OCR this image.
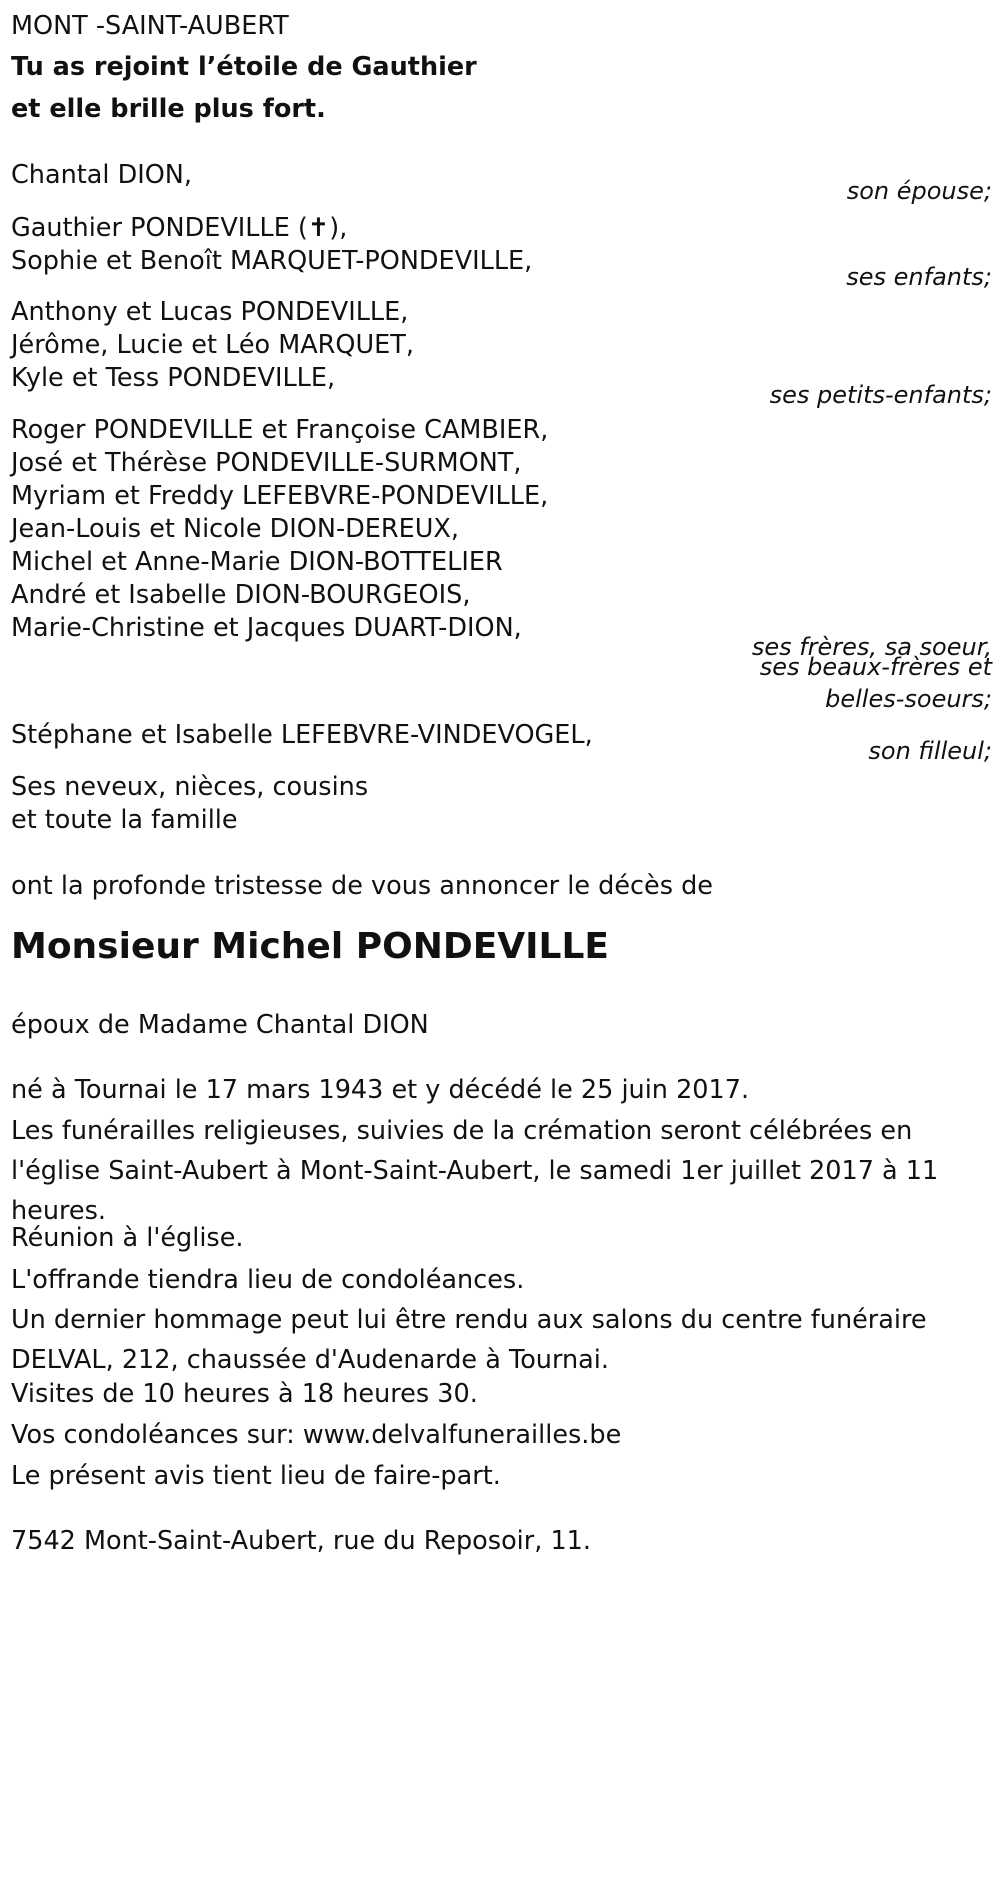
MONT -SAINT-AUBERT
Tu as rejoint l’étoile de Gauthier
et elle brille plus fort.
Chantal DION,
son épouse;
Gauthier PONDEVILLE (✝),
Sophie et Benoît MARQUET-PONDEVILLE,
ses enfants;
Anthony et Lucas PONDEVILLE,
Jérôme, Lucie et Léo MARQUET,
Kyle et Tess PONDEVILLE,
ses petits-enfants;
Roger PONDEVILLE et Françoise CAMBIER,
José et Thérèse PONDEVILLE-SURMONT,
Myriam et Freddy LEFEBVRE-PONDEVILLE,
Jean-Louis et Nicole DION-DEREUX,
Michel et Anne-Marie DION-BOTTELIER
André et Isabelle DION-BOURGEOIS,
Marie-Christine et Jacques DUART-DION,
ses frères, sa soeur,
ses beaux-frères et
belles-soeurs;
Stéphane et Isabelle LEFEBVRE-VINDEVOGEL,
son filleul;
Ses neveux, nièces, cousins
et toute la famille
ont la profonde tristesse de vous annoncer le décès de
Monsieur Michel PONDEVILLE
époux de Madame Chantal DION
né à Tournai le 17 mars 1943 et y décédé le 25 juin 2017.
Les funérailles religieuses, suivies de la crémation seront célébrées en l'église Saint-Aubert à Mont-Saint-Aubert, le samedi 1er juillet 2017 à 11 heures.
Réunion à l'église.
L'offrande tiendra lieu de condoléances.
Un dernier hommage peut lui être rendu aux salons du centre funéraire DELVAL, 212, chaussée d'Audenarde à Tournai.
Visites de 10 heures à 18 heures 30.
Vos condoléances sur: www.delvalfunerailles.be
Le présent avis tient lieu de faire-part.
7542 Mont-Saint-Aubert, rue du Reposoir, 11.
